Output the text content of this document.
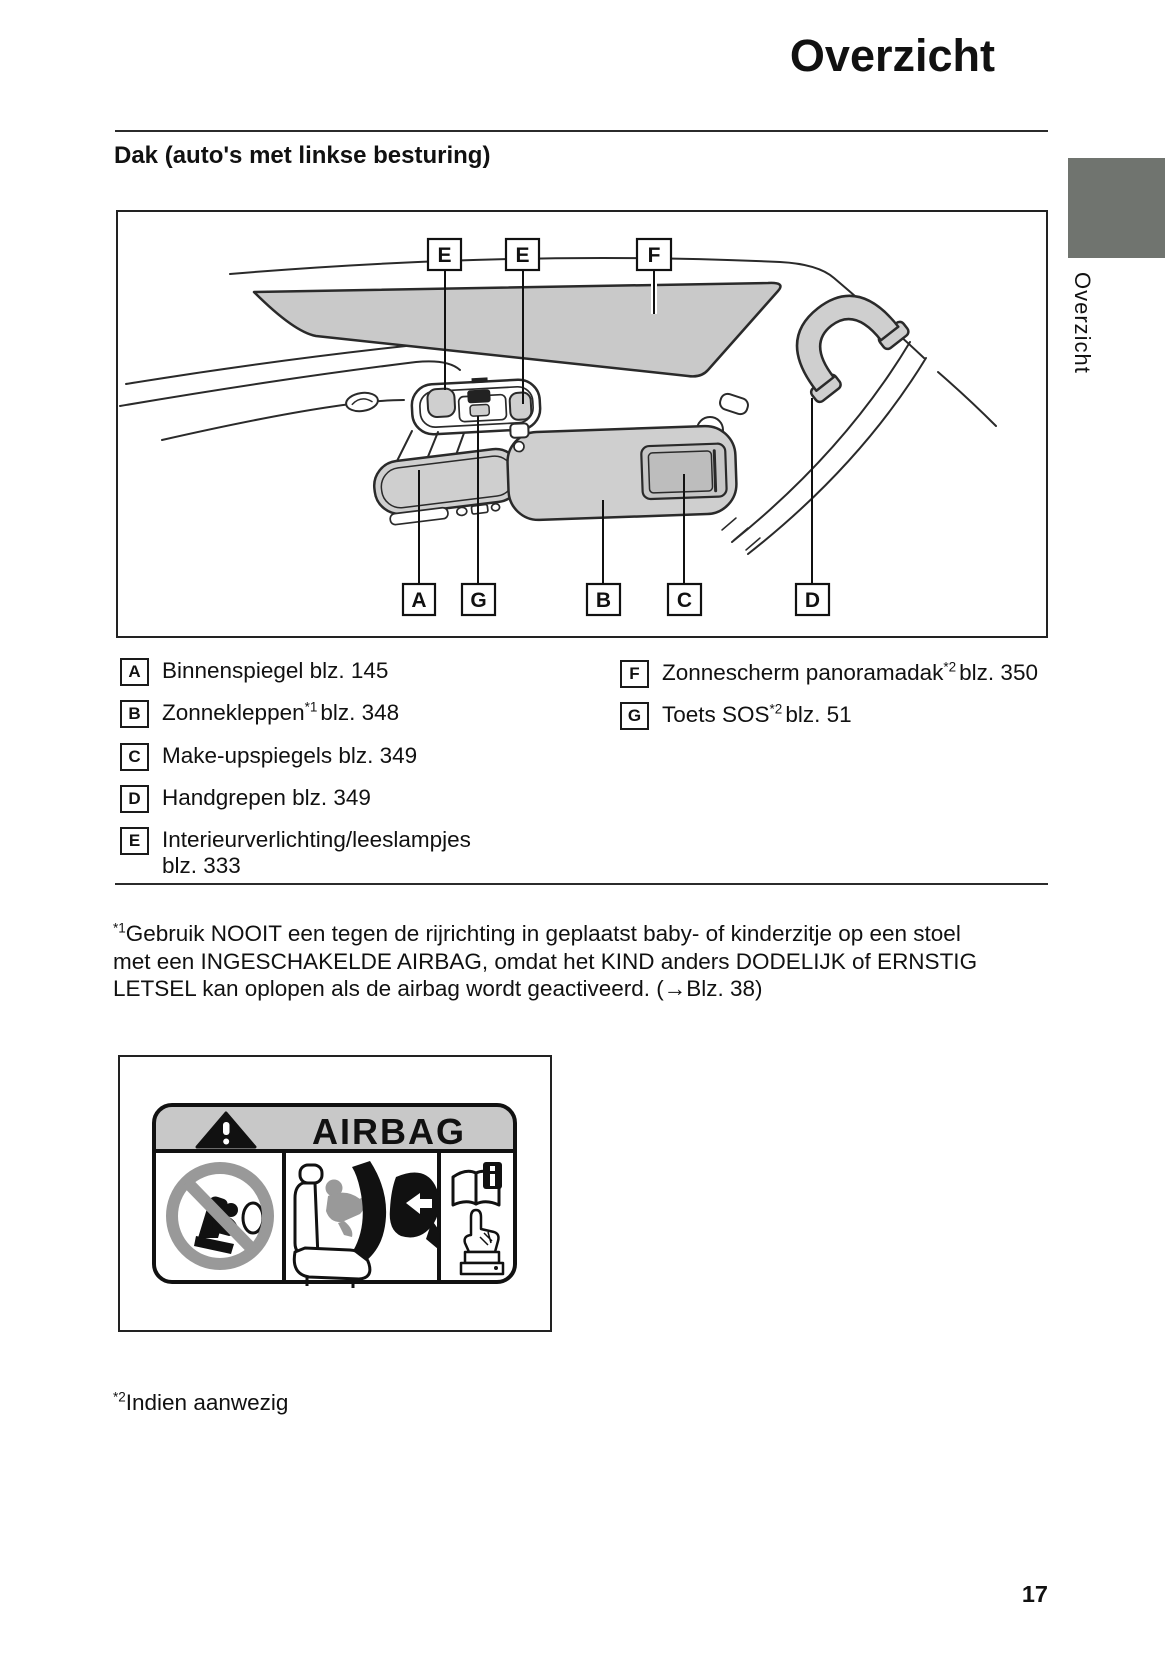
Overzicht
Dak (auto's met linkse besturing)
Overzicht
E	E	F
A G	B	C	D
A Binnenspiegel blz. 145
B Zonnekleppen$^{*1}$ blz. 348
C Make-upspiegels blz. 349
D Handgrepen blz. 349
E Interieurverlichting/leeslampjes
blz. 333
F Zonnescherm panoramadak$^{*2}$ blz. 350
G Toets SOS$^{*2}$ blz. 51
$^{*1}$Gebruik NOOIT een tegen de rijrichting in geplaatst baby- of kinderzitje op een stoel
met een INGESCHAKELDE AIRBAG, omdat het KIND anders DODELIJK of ERNSTIG
LETSEL kan oplopen als de airbag wordt geactiveerd. (→Blz. 38)
AIRBAG
$^{*2}$Indien aanwezig
17
